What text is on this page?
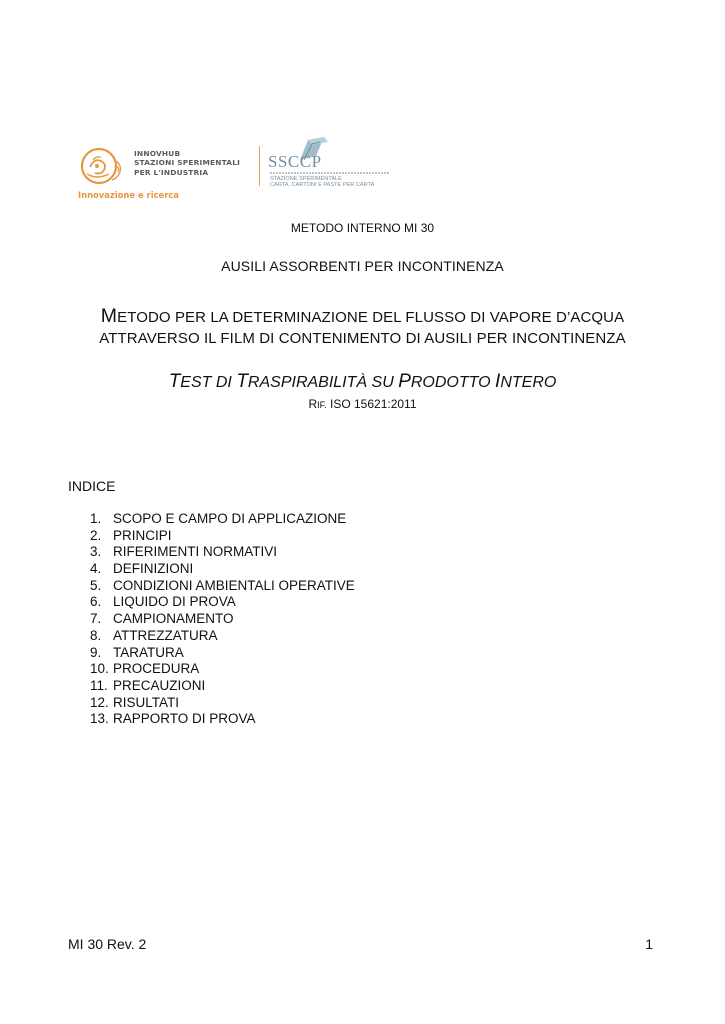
INNOVHUB
STAZIONI SPERIMENTALI
PER L'INDUSTRIA
Innovazione e ricerca
SSCCP
STAZIONE SPERIMENTALE
CARTA, CARTONI E PASTE PER CARTA
METODO INTERNO MI 30
AUSILI ASSORBENTI PER INCONTINENZA
METODO PER LA DETERMINAZIONE DEL FLUSSO DI VAPORE D’ACQUA
ATTRAVERSO IL FILM DI CONTENIMENTO DI AUSILI PER INCONTINENZA
TEST DI TRASPIRABILITÀ SU PRODOTTO INTERO
RIF. ISO 15621:2011
INDICE
1. SCOPO E CAMPO DI APPLICAZIONE
2. PRINCIPI
3. RIFERIMENTI NORMATIVI
4. DEFINIZIONI
5. CONDIZIONI AMBIENTALI OPERATIVE
6. LIQUIDO DI PROVA
7. CAMPIONAMENTO
8. ATTREZZATURA
9. TARATURA
10. PROCEDURA
11. PRECAUZIONI
12. RISULTATI
13. RAPPORTO DI PROVA
MI 30 Rev. 2	1
